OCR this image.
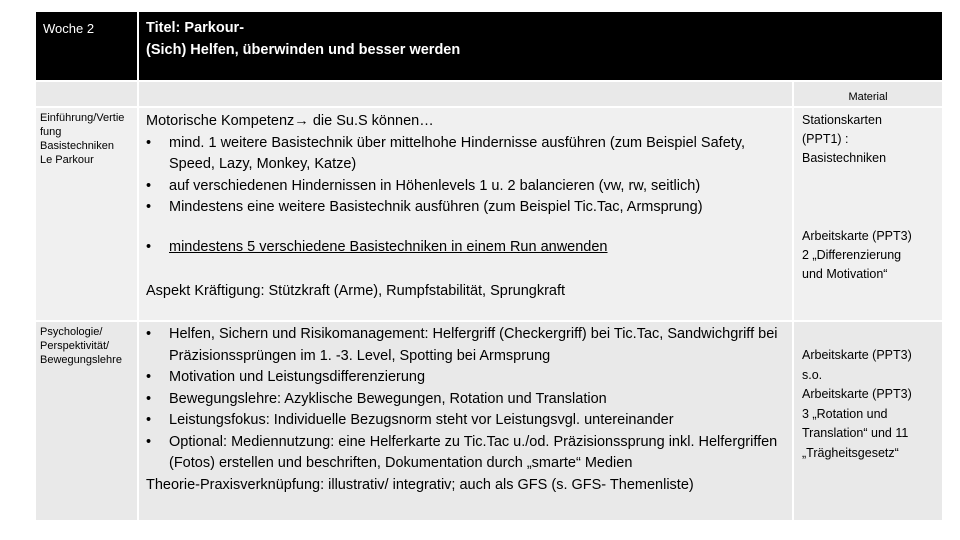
Woche 2	Titel: Parkour-
(Sich) Helfen, überwinden und besser werden
Material
Einführung/Vertie
fung
Basistechniken
Le Parkour
Motorische Kompetenz→ die Su.S können…
• mind. 1 weitere Basistechnik über mittelhohe Hindernisse ausführen (zum Beispiel Safety, Speed, Lazy, Monkey, Katze)
• auf verschiedenen Hindernissen in Höhenlevels 1 u. 2 balancieren (vw, rw, seitlich)
• Mindestens eine weitere Basistechnik ausführen (zum Beispiel Tic.Tac, Armsprung)
• mindestens 5 verschiedene Basistechniken in einem Run anwenden
Aspekt Kräftigung: Stützkraft (Arme), Rumpfstabilität, Sprungkraft
Stationskarten
(PPT1) :
Basistechniken
Arbeitskarte (PPT3)
2 „Differenzierung
und Motivation“
Psychologie/
Perspektivität/
Bewegungslehre
• Helfen, Sichern und Risikomanagement: Helfergriff (Checkergriff) bei Tic.Tac, Sandwichgriff bei Präzisionssprüngen im 1. -3. Level, Spotting bei Armsprung
• Motivation und Leistungsdifferenzierung
• Bewegungslehre: Azyklische Bewegungen, Rotation und Translation
• Leistungsfokus: Individuelle Bezugsnorm steht vor Leistungsvgl. untereinander
• Optional: Mediennutzung: eine Helferkarte zu Tic.Tac u./od. Präzisionssprung inkl. Helfergriffen (Fotos) erstellen und beschriften, Dokumentation durch „smarte“ Medien
Theorie-Praxisverknüpfung: illustrativ/ integrativ; auch als GFS (s. GFS- Themenliste)
Arbeitskarte (PPT3)
s.o.
Arbeitskarte (PPT3)
3 „Rotation und
Translation“ und 11
„Trägheitsgesetz“
